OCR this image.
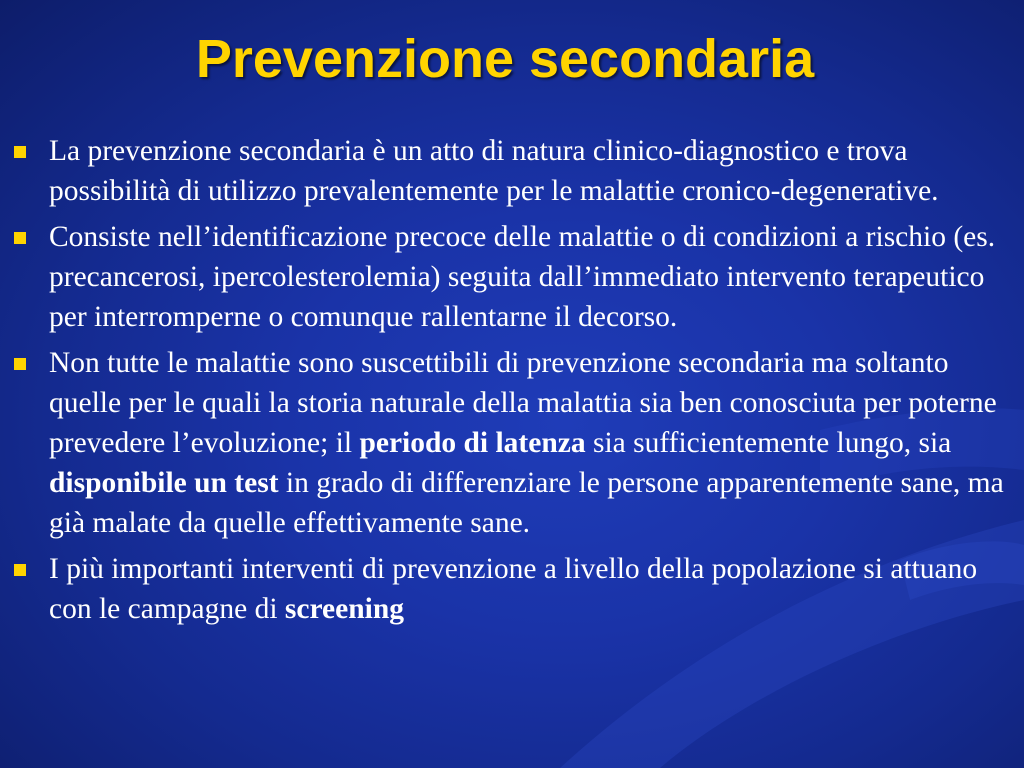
Prevenzione secondaria
La prevenzione secondaria è un atto di natura clinico-diagnostico e trova possibilità di utilizzo prevalentemente per le malattie cronico-degenerative.
Consiste nell’identificazione precoce delle malattie o di condizioni a rischio (es. precancerosi, ipercolesterolemia) seguita dall’immediato intervento terapeutico per interromperne o comunque rallentarne il decorso.
Non tutte le malattie sono suscettibili di prevenzione secondaria ma soltanto quelle per le quali la storia naturale della malattia sia ben conosciuta per poterne prevedere l’evoluzione; il periodo di latenza sia sufficientemente lungo, sia disponibile un test in grado di differenziare le persone apparentemente sane, ma già malate da quelle effettivamente sane.
I più importanti interventi di prevenzione a livello della popolazione si attuano con le campagne di screening
